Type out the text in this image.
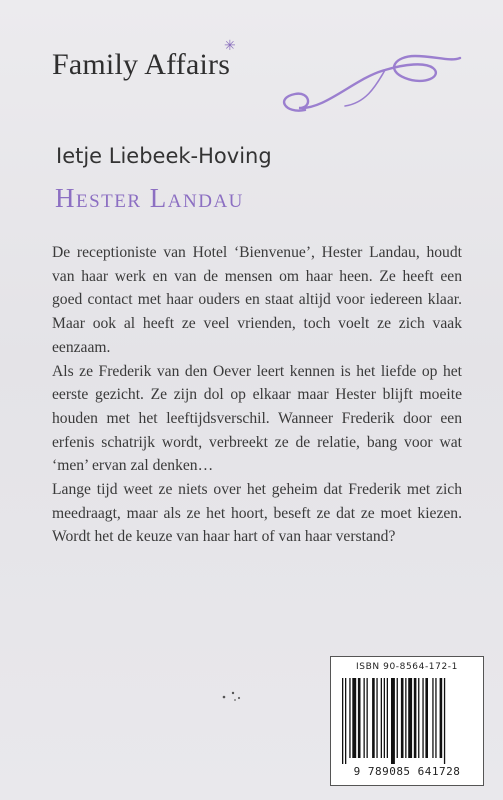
Family Affairs
✳
Ietje Liebeek-Hoving
Hester Landau

De receptioniste van Hotel ‘Bienvenue’, Hester Landau, houdt van haar werk en van de mensen om haar heen. Ze heeft een goed contact met haar ouders en staat altijd voor iedereen klaar. Maar ook al heeft ze veel vrienden, toch voelt ze zich vaak eenzaam.

Als ze Frederik van den Oever leert kennen is het liefde op het eerste gezicht. Ze zijn dol op elkaar maar Hester blijft moeite houden met het leeftijdsverschil. Wanneer Frederik door een erfenis schatrijk wordt, verbreekt ze de relatie, bang voor wat ‘men’ ervan zal denken…

Lange tijd weet ze niets over het geheim dat Frederik met zich meedraagt, maar als ze het hoort, beseft ze dat ze moet kiezen. Wordt het de keuze van haar hart of van haar verstand?

ISBN 90-8564-172-1
9 789085 641728
